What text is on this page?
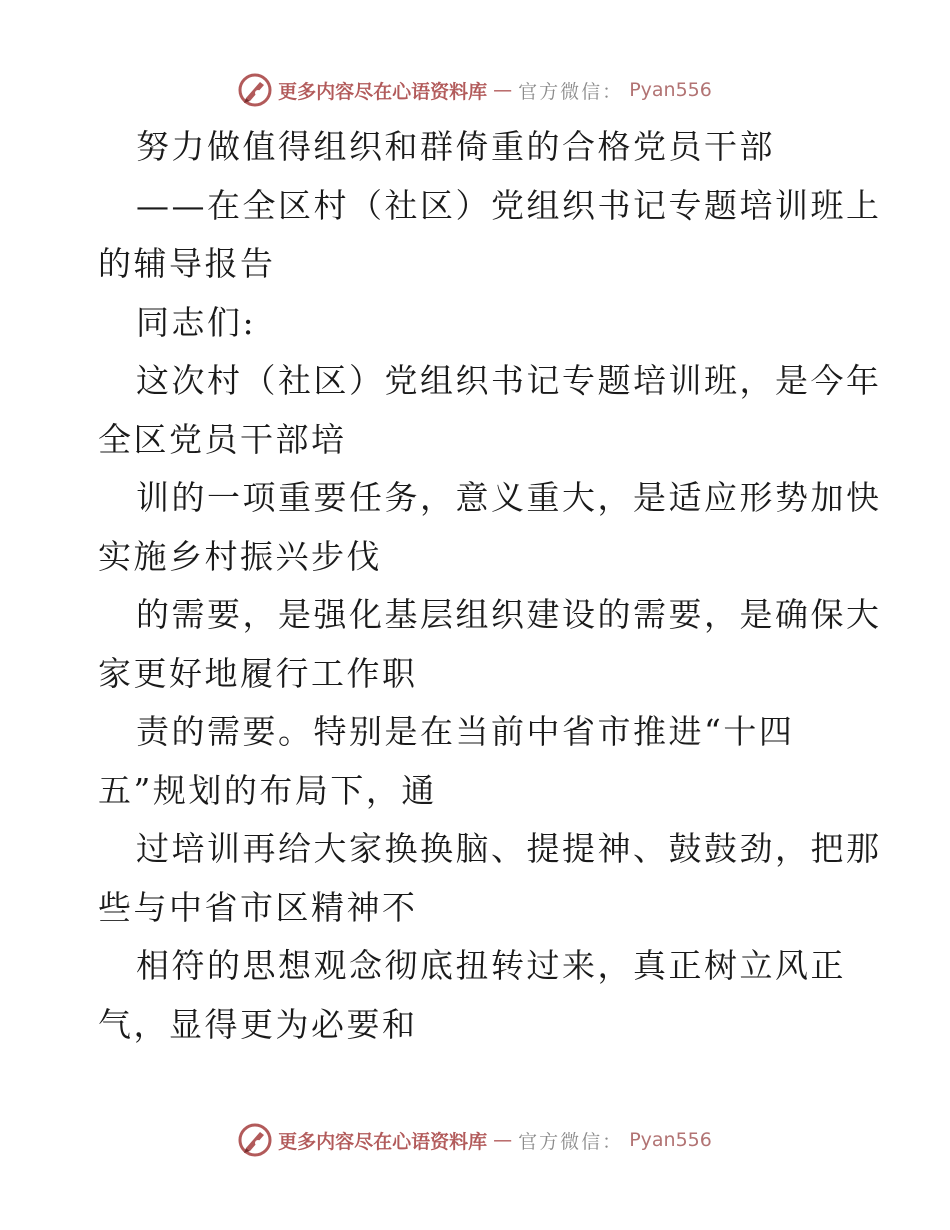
更多内容尽在心语资料库 — 官方微信： Pyan556
努力做值得组织和群倚重的合格党员干部
——在全区村（社区）党组织书记专题培训班上
的辅导报告
同志们:
这次村（社区）党组织书记专题培训班，是今年
全区党员干部培
训的一项重要任务，意义重大，是适应形势加快
实施乡村振兴步伐
的需要，是强化基层组织建设的需要，是确保大
家更好地履行工作职
责的需要。特别是在当前中省市推进“十四
五”规划的布局下，通
过培训再给大家换换脑、提提神、鼓鼓劲，把那
些与中省市区精神不
相符的思想观念彻底扭转过来，真正树立风正
气，显得更为必要和
更多内容尽在心语资料库 — 官方微信： Pyan556
